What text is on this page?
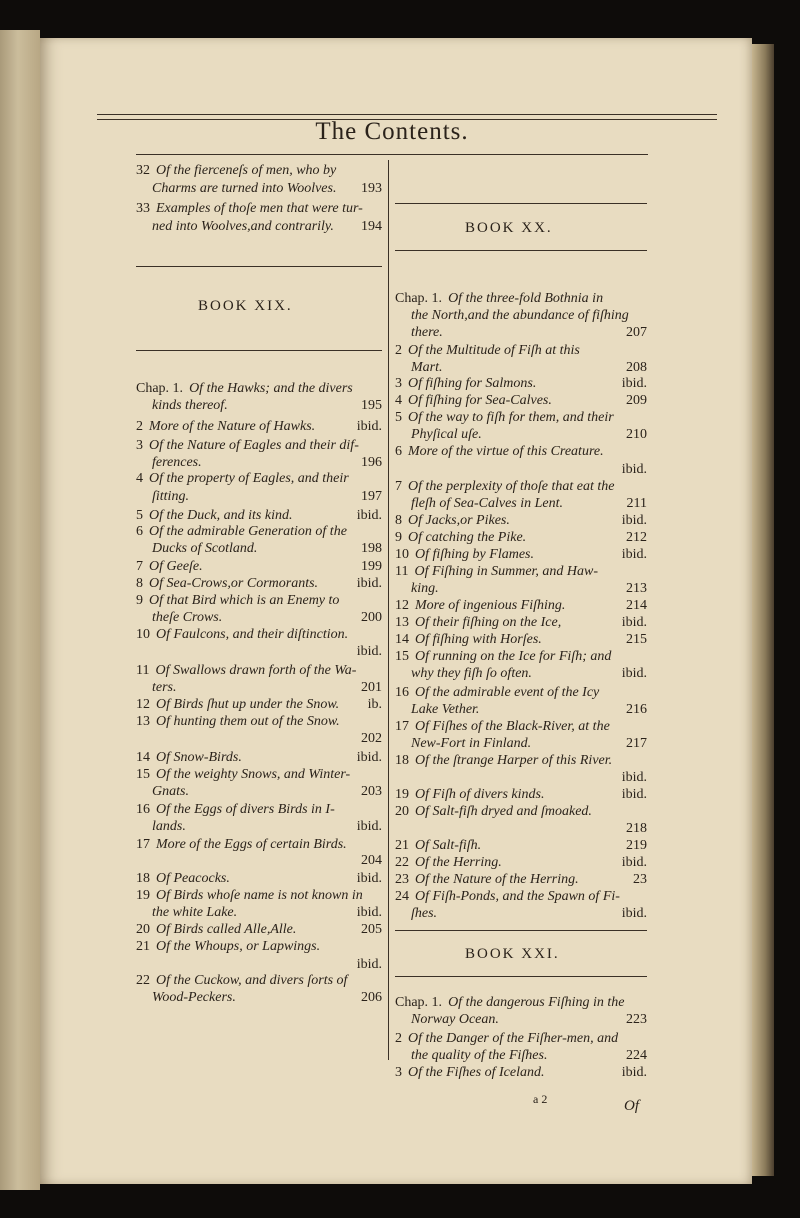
The Contents.
BOOK XIX.
32 Of the fierceneſs of men, who by
Charms are turned into Woolves.	193
33 Examples of thoſe men that were tur-
ned into Woolves,and contrarily.	194
Chap. 1. Of the Hawks; and the divers
kinds thereof.	195
2 More of the Nature of Hawks.	ibid.
3 Of the Nature of Eagles and their dif-
ferences.	196
4 Of the property of Eagles, and their
ſitting.	197
5 Of the Duck, and its kind.	ibid.
6 Of the admirable Generation of the
Ducks of Scotland.	198
7 Of Geeſe.	199
8 Of Sea-Crows,or Cormorants.	ibid.
9 Of that Bird which is an Enemy to
theſe Crows.	200
10 Of Faulcons, and their diſtinction.
ibid.
11 Of Swallows drawn forth of the Wa-
ters.	201
12 Of Birds ſhut up under the Snow.	ib.
13 Of hunting them out of the Snow.
202
14 Of Snow-Birds.	ibid.
15 Of the weighty Snows, and Winter-
Gnats.	203
16 Of the Eggs of divers Birds in I-
lands.	ibid.
17 More of the Eggs of certain Birds.
204
18 Of Peacocks.	ibid.
19 Of Birds whoſe name is not known in
the white Lake.	ibid.
20 Of Birds called Alle,Alle.	205
21 Of the Whoups, or Lapwings.
ibid.
22 Of the Cuckow, and divers ſorts of
Wood-Peckers.	206
BOOK XX.
BOOK XXI.
Chap. 1. Of the three-fold Bothnia in
the North,and the abundance of fiſhing
there.	207
2 Of the Multitude of Fiſh at this
Mart.	208
3 Of fiſhing for Salmons.	ibid.
4 Of fiſhing for Sea-Calves.	209
5 Of the way to fiſh for them, and their
Phyſical uſe.	210
6 More of the virtue of this Creature.
ibid.
7 Of the perplexity of thoſe that eat the
fleſh of Sea-Calves in Lent.	211
8 Of Jacks,or Pikes.	ibid.
9 Of catching the Pike.	212
10 Of fiſhing by Flames.	ibid.
11 Of Fiſhing in Summer, and Haw-
king.	213
12 More of ingenious Fiſhing.	214
13 Of their fiſhing on the Ice,	ibid.
14 Of fiſhing with Horſes.	215
15 Of running on the Ice for Fiſh; and
why they fiſh ſo often.	ibid.
16 Of the admirable event of the Icy
Lake Vether.	216
17 Of Fiſhes of the Black-River, at the
New-Fort in Finland.	217
18 Of the ſtrange Harper of this River.
ibid.
19 Of Fiſh of divers kinds.	ibid.
20 Of Salt-fiſh dryed and ſmoaked.
218
21 Of Salt-fiſh.	219
22 Of the Herring.	ibid.
23 Of the Nature of the Herring.	23
24 Of Fiſh-Ponds, and the Spawn of Fi-
ſhes.	ibid.
Chap. 1. Of the dangerous Fiſhing in the
Norway Ocean.	223
2 Of the Danger of the Fiſher-men, and
the quality of the Fiſhes.	224
3 Of the Fiſhes of Iceland.	ibid.
a 2	Of
